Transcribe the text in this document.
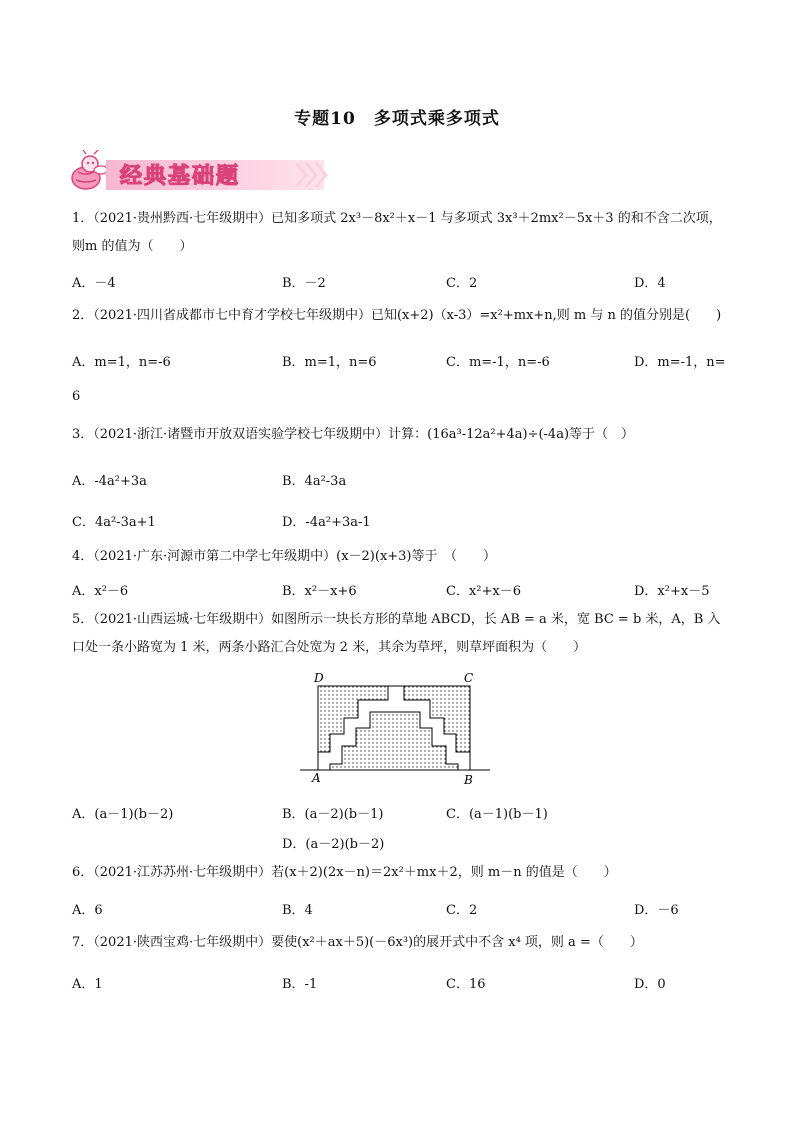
专题10　多项式乘多项式
经典基础题
1．（2021·贵州黔西·七年级期中）已知多项式 2x³－8x²＋x－1 与多项式 3x³＋2mx²－5x＋3 的和不含二次项，
则m 的值为（　　）
A．－4	B．－2	C．2	D．4
2．（2021·四川省成都市七中育才学校七年级期中）已知(x+2)（x-3）=x²+mx+n,则 m 与 n 的值分别是(　　)
A．m=1，n=-6	B．m=1，n=6	C．m=-1，n=-6	D．m=-1，n=
6
3．（2021·浙江·诸暨市开放双语实验学校七年级期中）计算：(16a³-12a²+4a)÷(-4a)等于（　）
A．-4a²+3a	B．4a²-3a
C．4a²-3a+1	D．-4a²+3a-1
4．（2021·广东·河源市第二中学七年级期中）(x－2)(x+3)等于　（　　）
A．x²－6	B．x²－x+6	C．x²+x－6	D．x²+x－5
5．（2021·山西运城·七年级期中）如图所示一块长方形的草地 ABCD，长 AB = a 米，宽 BC = b 米，A，B 入
口处一条小路宽为 1 米，两条小路汇合处宽为 2 米，其余为草坪，则草坪面积为（　　）
D	C
A	B
A．(a－1)(b－2)	B．(a－2)(b－1)	C．(a－1)(b－1)
D．(a－2)(b－2)
6．（2021·江苏苏州·七年级期中）若(x＋2)(2x－n)＝2x²＋mx＋2，则 m－n 的值是（　　）
A．6	B．4	C．2	D．－6
7．（2021·陕西宝鸡·七年级期中）要使(x²＋ax＋5)(－6x³)的展开式中不含 x⁴ 项，则 a =（　　）
A．1	B．-1	C．16	D．0
